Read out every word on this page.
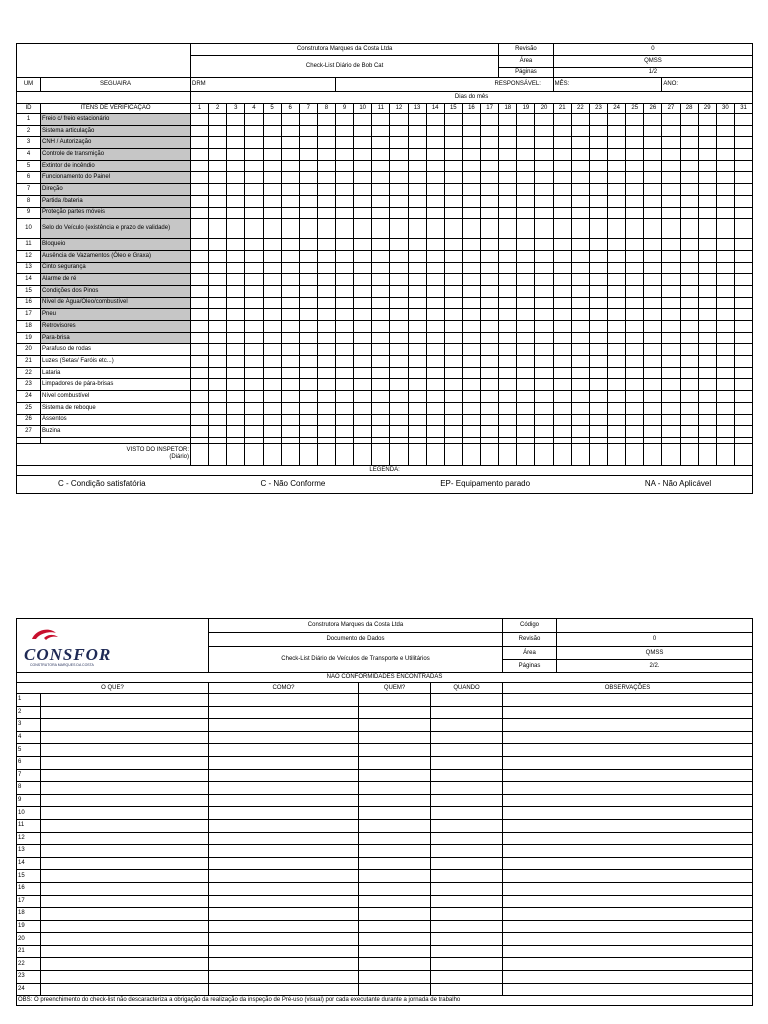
		Construtora Marques da Costa Ltda																	Revisão			0										
		Check-List Diário de Bob Cat																	Área			QMSS										
																			Páginas			1/2										
UM	SEGUAIRA	DRM								RESPONSÁVEL:												MÊS:						ANO:				
		Dias do mês																														
ID	ITENS DE VERIFICAÇÃO	1	2	3	4	5	6	7	8	9	10	11	12	13	14	15	16	17	18	19	20	21	22	23	24	25	26	27	28	29	30	31
1	Freio c/ freio estacionário																															
2	Sistema articulação																															
3	CNH / Autorização																															
4	Controle de transmição																															
5	Extintor de incêndio																															
6	Funcionamento do Painel																															
7	Direção																															
8	Partida /bateria																															
9	Proteção partes móveis																															
10	Selo do Veículo (existência e prazo de validade)																															
11	Bloqueio																															
12	Ausência de Vazamentos (Óleo e Graxa)																															
13	Cinto segurança																															
14	Alarme de ré																															
15	Condições dos Pinos																															
16	Nível de Água/Óleo/combustível																															
17	Pneu																															
18	Retrovisores																															
19	Para-brisa																															
20	Parafuso de rodas																															
21	Luzes (Setas/ Faróis etc...)																															
22	Lataria																															
23	Limpadores de pára-brisas																															
24	Nível combustível																															
25	Sistema de reboque																															
26	Assentos																															
27	Buzina																															

VISTO DO INSPETOR:
(Diário)																																

LEGENDA:																																

C - Condição satisfatória C - Não Conforme EP- Equipamento parado NA - Não Aplicável																																
CONSFOR
CONSTRUTORA MARQUES DA COSTA		Construtora Marques da Costa Ltda			Código	
		Documento de Dados			Revisão	0
		Check-List Diário de Veículos de Transporte e Utilitários			Área	QMSS
					Páginas	2/2.
NÃO CONFORMIDADES ENCONTRADAS						
O QUE?		COMO?	QUEM?	QUANDO	OBSERVAÇÕES	
1						
2						
3						
4						
5						
6						
7						
8						
9						
10						
11						
12						
13						
14						
15						
16						
17						
18						
19						
20						
21						
22						
23						
24						
OBS: O preenchimento do check-list não descaracteriza a obrigação da realização da inspeção de Pré-uso (visual) por cada executante durante a jornada de trabalho						
